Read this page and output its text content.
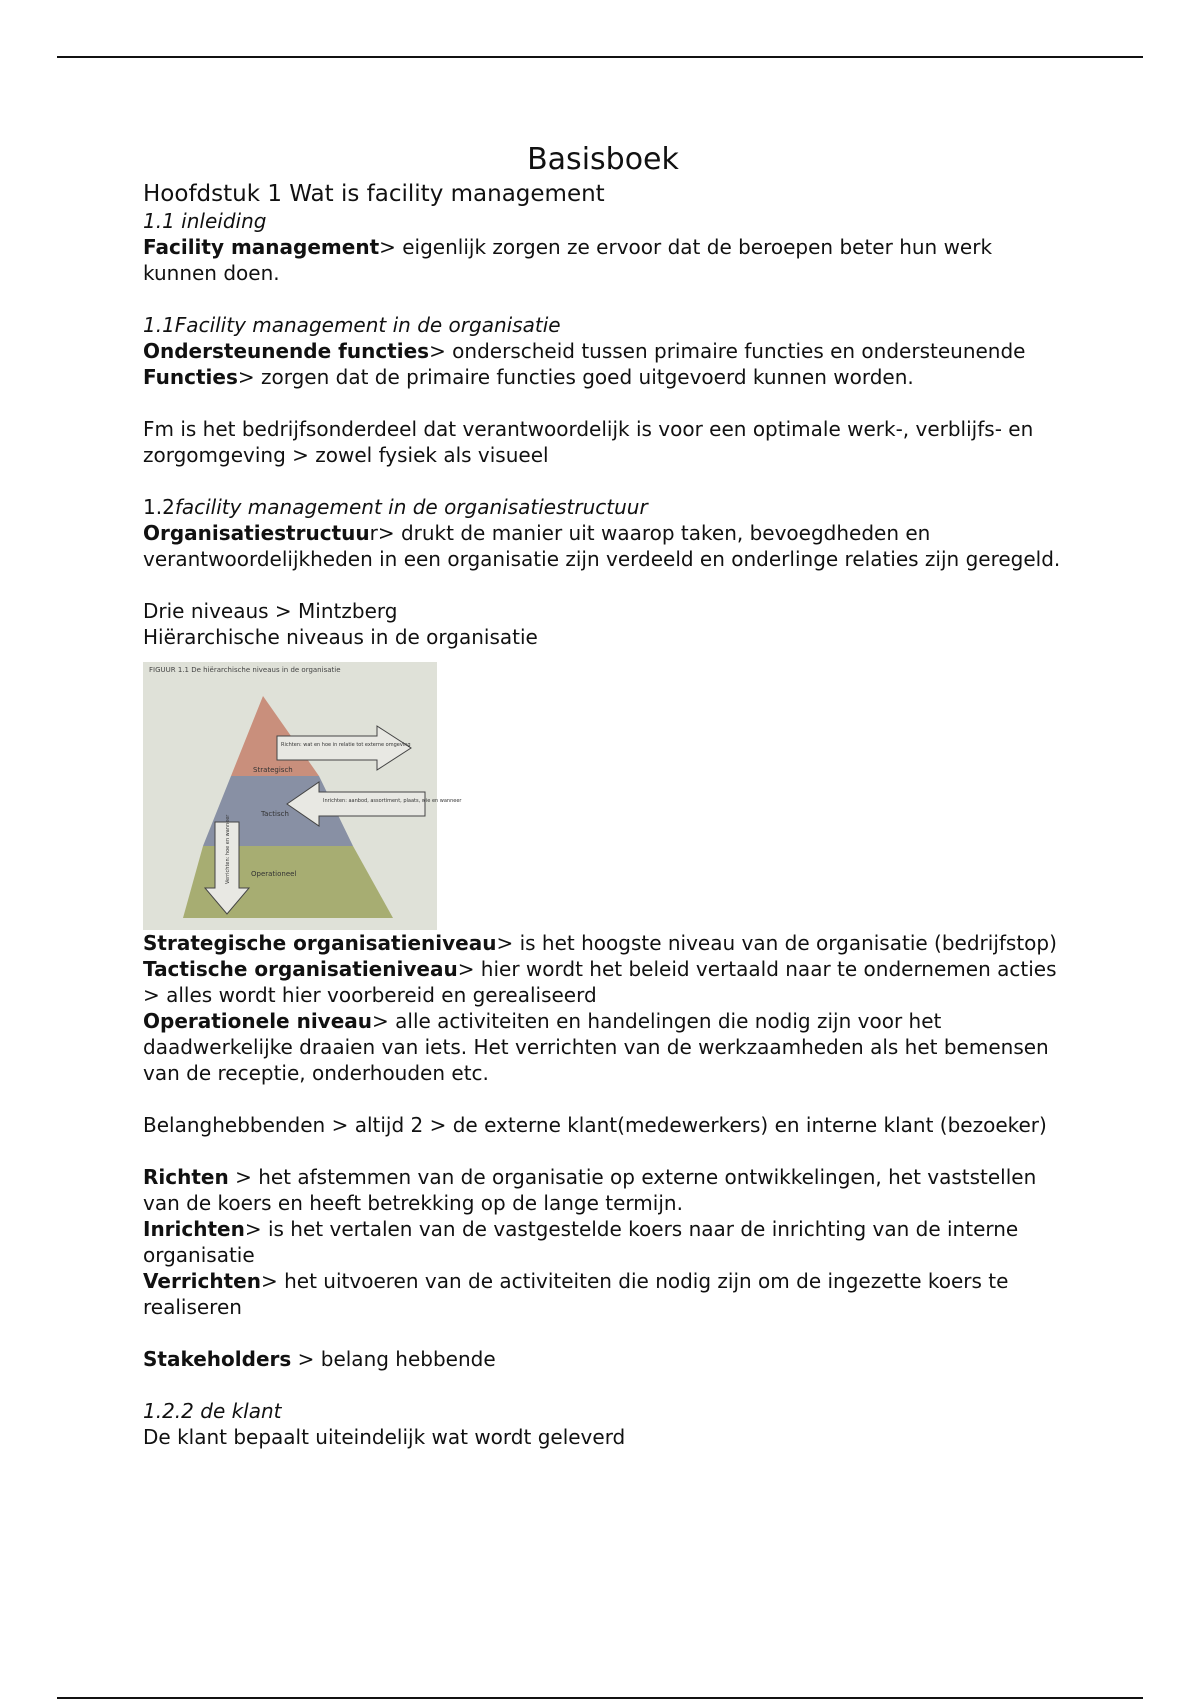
Basisboek

Hoofdstuk 1 Wat is facility management

1.1 inleiding

Facility management> eigenlijk zorgen ze ervoor dat de beroepen beter hun werk kunnen doen.

1.1Facility management in de organisatie

Ondersteunende functies> onderscheid tussen primaire functies en ondersteunende Functies> zorgen dat de primaire functies goed uitgevoerd kunnen worden.

Fm is het bedrijfsonderdeel dat verantwoordelijk is voor een optimale werk-, verblijfs- en zorgomgeving > zowel fysiek als visueel

1.2facility management in de organisatiestructuur

Organisatiestructuur> drukt de manier uit waarop taken, bevoegdheden en verantwoordelijkheden in een organisatie zijn verdeeld en onderlinge relaties zijn geregeld.

Drie niveaus > Mintzberg

Hiërarchische niveaus in de organisatie

FIGUUR 1.1 De hiërarchische niveaus in de organisatie
Strategisch
Tactisch
Operationeel
Richten: wat en hoe in relatie tot externe omgeving
Inrichten: aanbod, assortiment, plaats, wie en wanneer
Verrichten: hoe en wanneer

Strategische organisatieniveau> is het hoogste niveau van de organisatie (bedrijfstop)

Tactische organisatieniveau> hier wordt het beleid vertaald naar te ondernemen acties > alles wordt hier voorbereid en gerealiseerd

Operationele niveau> alle activiteiten en handelingen die nodig zijn voor het daadwerkelijke draaien van iets. Het verrichten van de werkzaamheden als het bemensen van de receptie, onderhouden etc.

Belanghebbenden > altijd 2 > de externe klant(medewerkers) en interne klant (bezoeker)

Richten > het afstemmen van de organisatie op externe ontwikkelingen, het vaststellen van de koers en heeft betrekking op de lange termijn.

Inrichten> is het vertalen van de vastgestelde koers naar de inrichting van de interne organisatie

Verrichten> het uitvoeren van de activiteiten die nodig zijn om de ingezette koers te realiseren

Stakeholders > belang hebbende

1.2.2 de klant

De klant bepaalt uiteindelijk wat wordt geleverd
